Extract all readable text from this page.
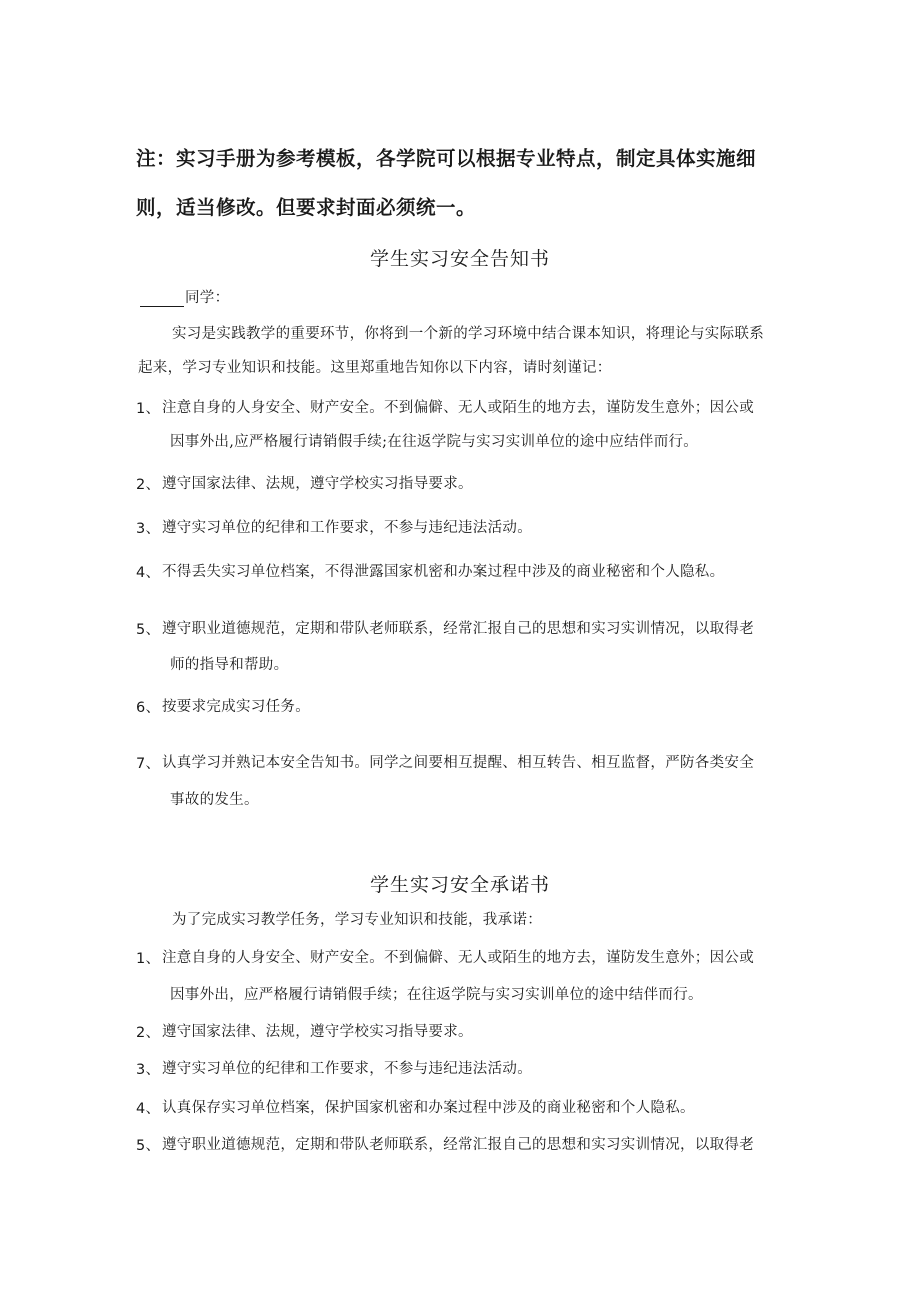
注：实习手册为参考模板，各学院可以根据专业特点，制定具体实施细
则，适当修改。但要求封面必须统一。
学生实习安全告知书
同学：
实习是实践教学的重要环节，你将到一个新的学习环境中结合课本知识，将理论与实际联系
起来，学习专业知识和技能。这里郑重地告知你以下内容，请时刻谨记：
1、 注意自身的人身安全、财产安全。不到偏僻、无人或陌生的地方去，谨防发生意外；因公或
因事外出,应严格履行请销假手续;在往返学院与实习实训单位的途中应结伴而行。
2、 遵守国家法律、法规，遵守学校实习指导要求。
3、 遵守实习单位的纪律和工作要求，不参与违纪违法活动。
4、 不得丢失实习单位档案，不得泄露国家机密和办案过程中涉及的商业秘密和个人隐私。
5、 遵守职业道德规范，定期和带队老师联系，经常汇报自己的思想和实习实训情况，以取得老
师的指导和帮助。
6、 按要求完成实习任务。
7、 认真学习并熟记本安全告知书。同学之间要相互提醒、相互转告、相互监督，严防各类安全
事故的发生。
学生实习安全承诺书
为了完成实习教学任务，学习专业知识和技能，我承诺：
1、 注意自身的人身安全、财产安全。不到偏僻、无人或陌生的地方去，谨防发生意外；因公或
因事外出，应严格履行请销假手续；在往返学院与实习实训单位的途中结伴而行。
2、 遵守国家法律、法规，遵守学校实习指导要求。
3、 遵守实习单位的纪律和工作要求，不参与违纪违法活动。
4、 认真保存实习单位档案，保护国家机密和办案过程中涉及的商业秘密和个人隐私。
5、 遵守职业道德规范，定期和带队老师联系，经常汇报自己的思想和实习实训情况，以取得老
